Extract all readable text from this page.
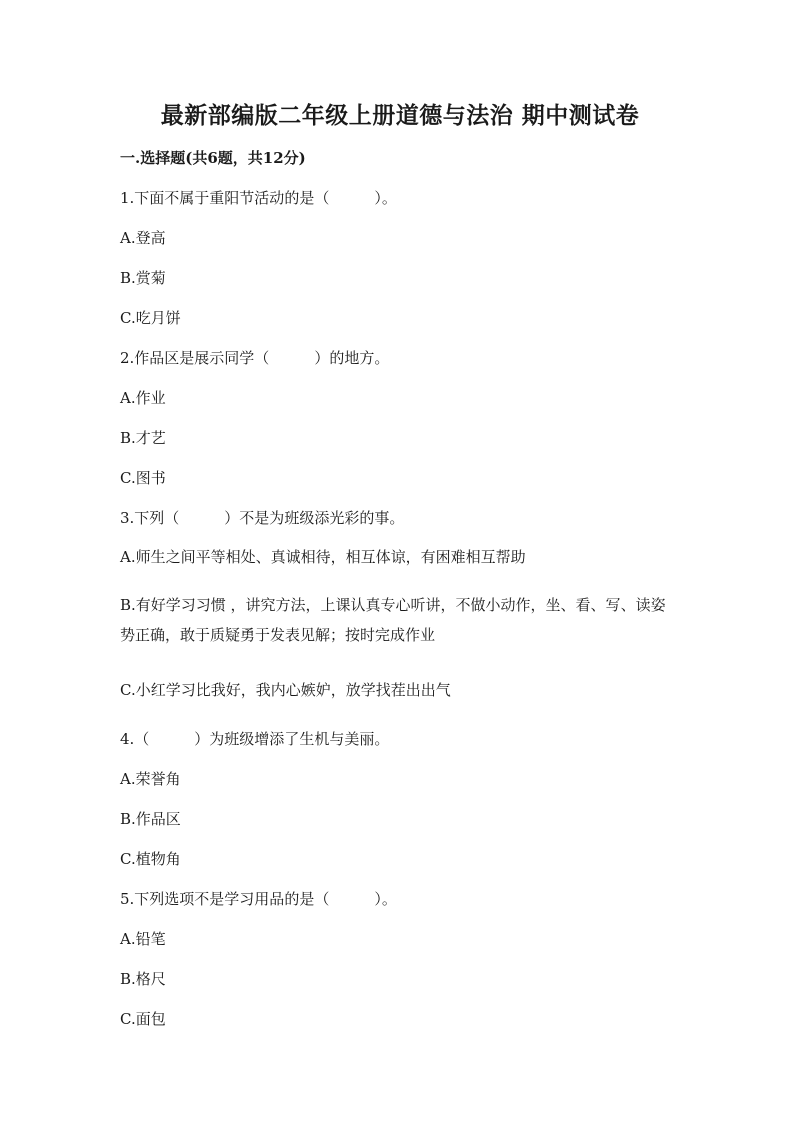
最新部编版二年级上册道德与法治 期中测试卷
一.选择题(共6题，共12分)
1.下面不属于重阳节活动的是（　　　）。
A.登高
B.赏菊
C.吃月饼
2.作品区是展示同学（　　　）的地方。
A.作业
B.才艺
C.图书
3.下列（　　　）不是为班级添光彩的事。
A.师生之间平等相处、真诚相待，相互体谅，有困难相互帮助
B.有好学习习惯 ，讲究方法，上课认真专心听讲，不做小动作，坐、看、写、读姿势正确，敢于质疑勇于发表见解；按时完成作业
C.小红学习比我好，我内心嫉妒，放学找茬出出气
4.（　　　）为班级增添了生机与美丽。
A.荣誉角
B.作品区
C.植物角
5.下列选项不是学习用品的是（　　　）。
A.铅笔
B.格尺
C.面包
